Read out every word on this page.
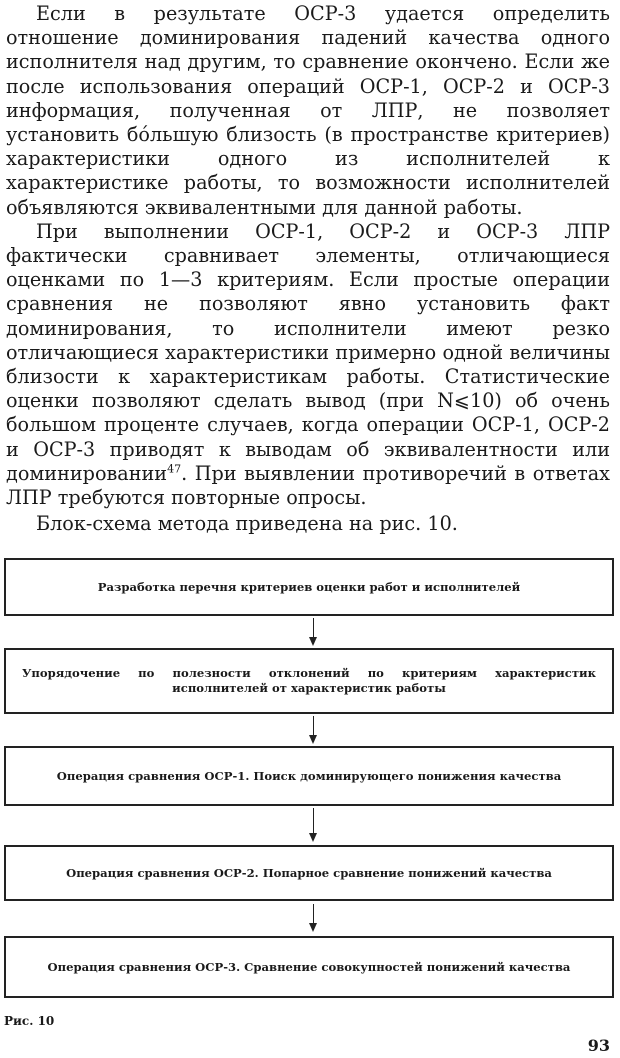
Если в результате ОСР-3 удается определить отношение доминирования падений качества одного исполнителя над другим, то сравнение окончено. Если же после использования операций ОСР-1, ОСР-2 и ОСР-3 информация, полученная от ЛПР, не позволяет установить бóльшую близость (в пространстве критериев) характеристики одного из исполнителей к характеристике работы, то возможности исполнителей объявляются эквивалентными для данной работы.

При выполнении ОСР-1, ОСР-2 и ОСР-3 ЛПР фактически сравнивает элементы, отличающиеся оценками по 1—3 критериям. Если простые операции сравнения не позволяют явно установить факт доминирования, то исполнители имеют резко отличающиеся характеристики примерно одной величины близости к характеристикам работы. Статистические оценки позволяют сделать вывод (при N⩽10) об очень большом проценте случаев, когда операции ОСР-1, ОСР-2 и ОСР-3 приводят к выводам об эквивалентности или доминировании$^{47}$. При выявлении противоречий в ответах ЛПР требуются повторные опросы.

Блок-схема метода приведена на рис. 10.

Разработка перечня критериев оценки работ и исполнителей
Упорядочение по полезности отклонений по критериям характеристик исполнителей от характеристик работы
Операция сравнения ОСР-1. Поиск доминирующего понижения качества
Операция сравнения ОСР-2. Попарное сравнение понижений качества
Операция сравнения ОСР-3. Сравнение совокупностей понижений качества
Рис. 10
93
